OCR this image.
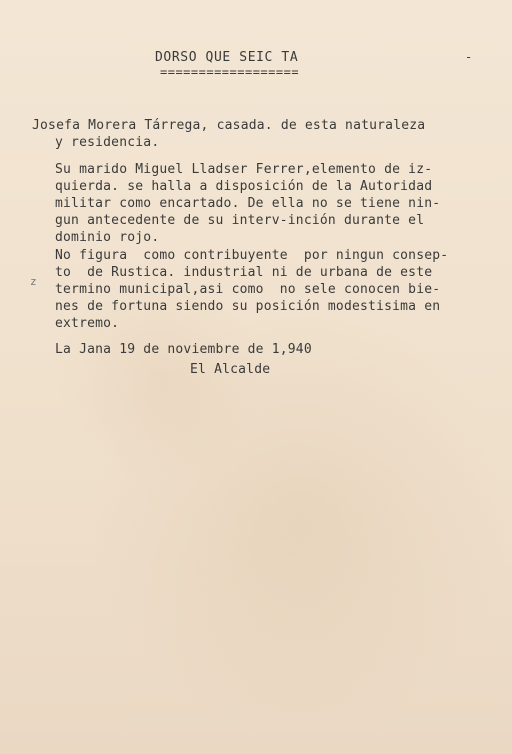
DORSO QUE SEIC TA
==================
-
Josefa Morera Tárrega, casada. de esta naturaleza
y residencia.
Su marido Miguel Lladser Ferrer,elemento de iz-
quierda. se halla a disposición de la Autoridad
militar como encartado. De ella no se tiene nin-
gun antecedente de su interv-inción durante el
dominio rojo.
No figura  como contribuyente  por ningun consep-
to  de Rustica. industrial ni de urbana de este
z
termino municipal,asi como  no sele conocen bie-
nes de fortuna siendo su posición modestisima en
extremo.
La Jana 19 de noviembre de 1,940
El Alcalde
